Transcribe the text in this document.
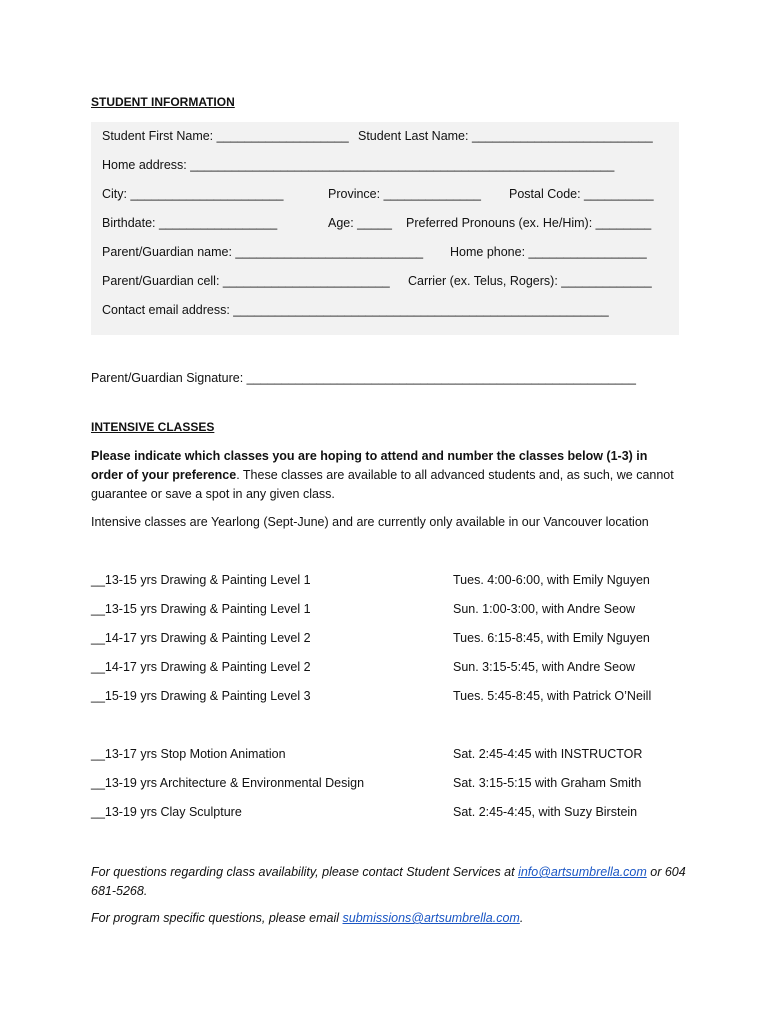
STUDENT INFORMATION
Student First Name: ___________________ Student Last Name: __________________________
Home address: _____________________________________________________________
City: ______________________	Province: ______________ Postal Code: __________
Birthdate: _________________	Age: _____ Preferred Pronouns (ex. He/Him): ________
Parent/Guardian name: ___________________________ Home phone: _________________
Parent/Guardian cell: ________________________ Carrier (ex. Telus, Rogers): _____________
Contact email address: ______________________________________________________
Parent/Guardian Signature: ________________________________________________________
INTENSIVE CLASSES
Please indicate which classes you are hoping to attend and number the classes below (1-3) in order of your preference. These classes are available to all advanced students and, as such, we cannot guarantee or save a spot in any given class.
Intensive classes are Yearlong (Sept-June) and are currently only available in our Vancouver location
__13-15 yrs Drawing & Painting Level 1	Tues. 4:00-6:00, with Emily Nguyen
__13-15 yrs Drawing & Painting Level 1	Sun. 1:00-3:00, with Andre Seow
__14-17 yrs Drawing & Painting Level 2	Tues. 6:15-8:45, with Emily Nguyen
__14-17 yrs Drawing & Painting Level 2	Sun. 3:15-5:45, with Andre Seow
__15-19 yrs Drawing & Painting Level 3	Tues. 5:45-8:45, with Patrick O’Neill
__13-17 yrs Stop Motion Animation	Sat. 2:45-4:45 with INSTRUCTOR
__13-19 yrs Architecture & Environmental Design	Sat. 3:15-5:15 with Graham Smith
__13-19 yrs Clay Sculpture	Sat. 2:45-4:45, with Suzy Birstein
For questions regarding class availability, please contact Student Services at info@artsumbrella.com or 604 681-5268.
For program specific questions, please email submissions@artsumbrella.com.
